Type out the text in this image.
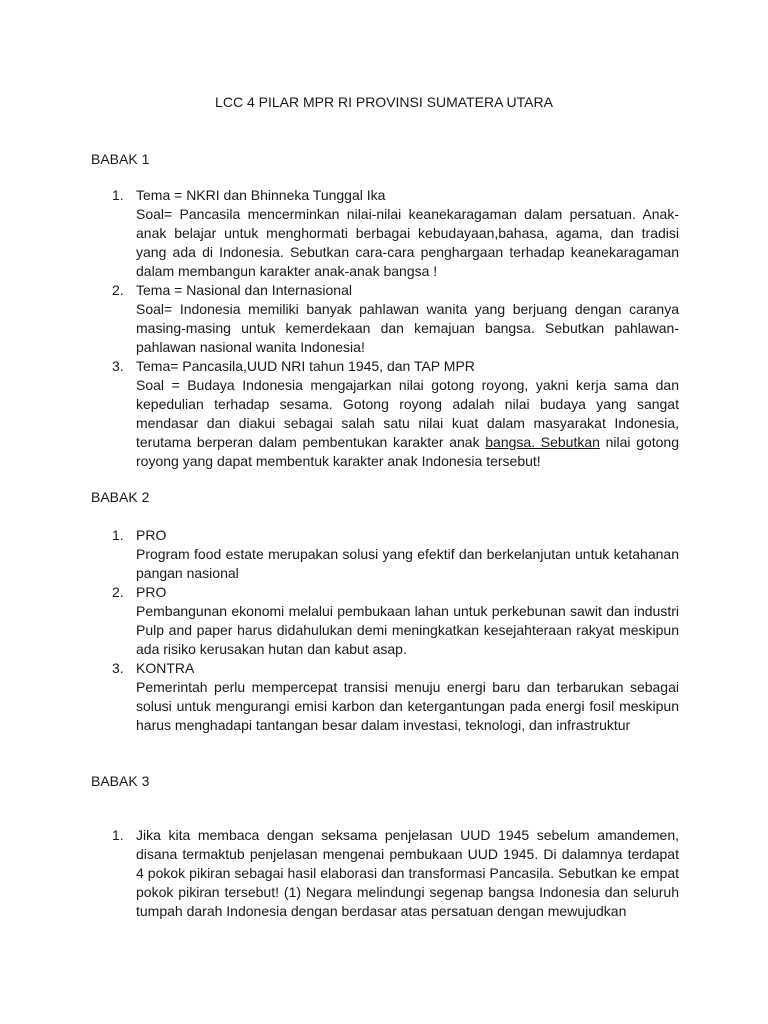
LCC 4 PILAR MPR RI PROVINSI SUMATERA UTARA
BABAK 1
1. Tema = NKRI dan Bhinneka Tunggal Ika
Soal= Pancasila mencerminkan nilai-nilai keanekaragaman dalam persatuan. Anak-anak belajar untuk menghormati berbagai kebudayaan,bahasa, agama, dan tradisi yang ada di Indonesia. Sebutkan cara-cara penghargaan terhadap keanekaragaman dalam membangun karakter anak-anak bangsa !
2. Tema = Nasional dan Internasional
Soal= Indonesia memiliki banyak pahlawan wanita yang berjuang dengan caranya masing-masing untuk kemerdekaan dan kemajuan bangsa. Sebutkan pahlawan-pahlawan nasional wanita Indonesia!
3. Tema= Pancasila,UUD NRI tahun 1945, dan TAP MPR
Soal = Budaya Indonesia mengajarkan nilai gotong royong, yakni kerja sama dan kepedulian terhadap sesama. Gotong royong adalah nilai budaya yang sangat mendasar dan diakui sebagai salah satu nilai kuat dalam masyarakat Indonesia, terutama berperan dalam pembentukan karakter anak bangsa. Sebutkan nilai gotong royong yang dapat membentuk karakter anak Indonesia tersebut!
BABAK 2
1. PRO
Program food estate merupakan solusi yang efektif dan berkelanjutan untuk ketahanan pangan nasional
2. PRO
Pembangunan ekonomi melalui pembukaan lahan untuk perkebunan sawit dan industri Pulp and paper harus didahulukan demi meningkatkan kesejahteraan rakyat meskipun ada risiko kerusakan hutan dan kabut asap.
3. KONTRA
Pemerintah perlu mempercepat transisi menuju energi baru dan terbarukan sebagai solusi untuk mengurangi emisi karbon dan ketergantungan pada energi fosil meskipun harus menghadapi tantangan besar dalam investasi, teknologi, dan infrastruktur
BABAK 3
1. Jika kita membaca dengan seksama penjelasan UUD 1945 sebelum amandemen, disana termaktub penjelasan mengenai pembukaan UUD 1945. Di dalamnya terdapat 4 pokok pikiran sebagai hasil elaborasi dan transformasi Pancasila. Sebutkan ke empat pokok pikiran tersebut! (1) Negara melindungi segenap bangsa Indonesia dan seluruh tumpah darah Indonesia dengan berdasar atas persatuan dengan mewujudkan
